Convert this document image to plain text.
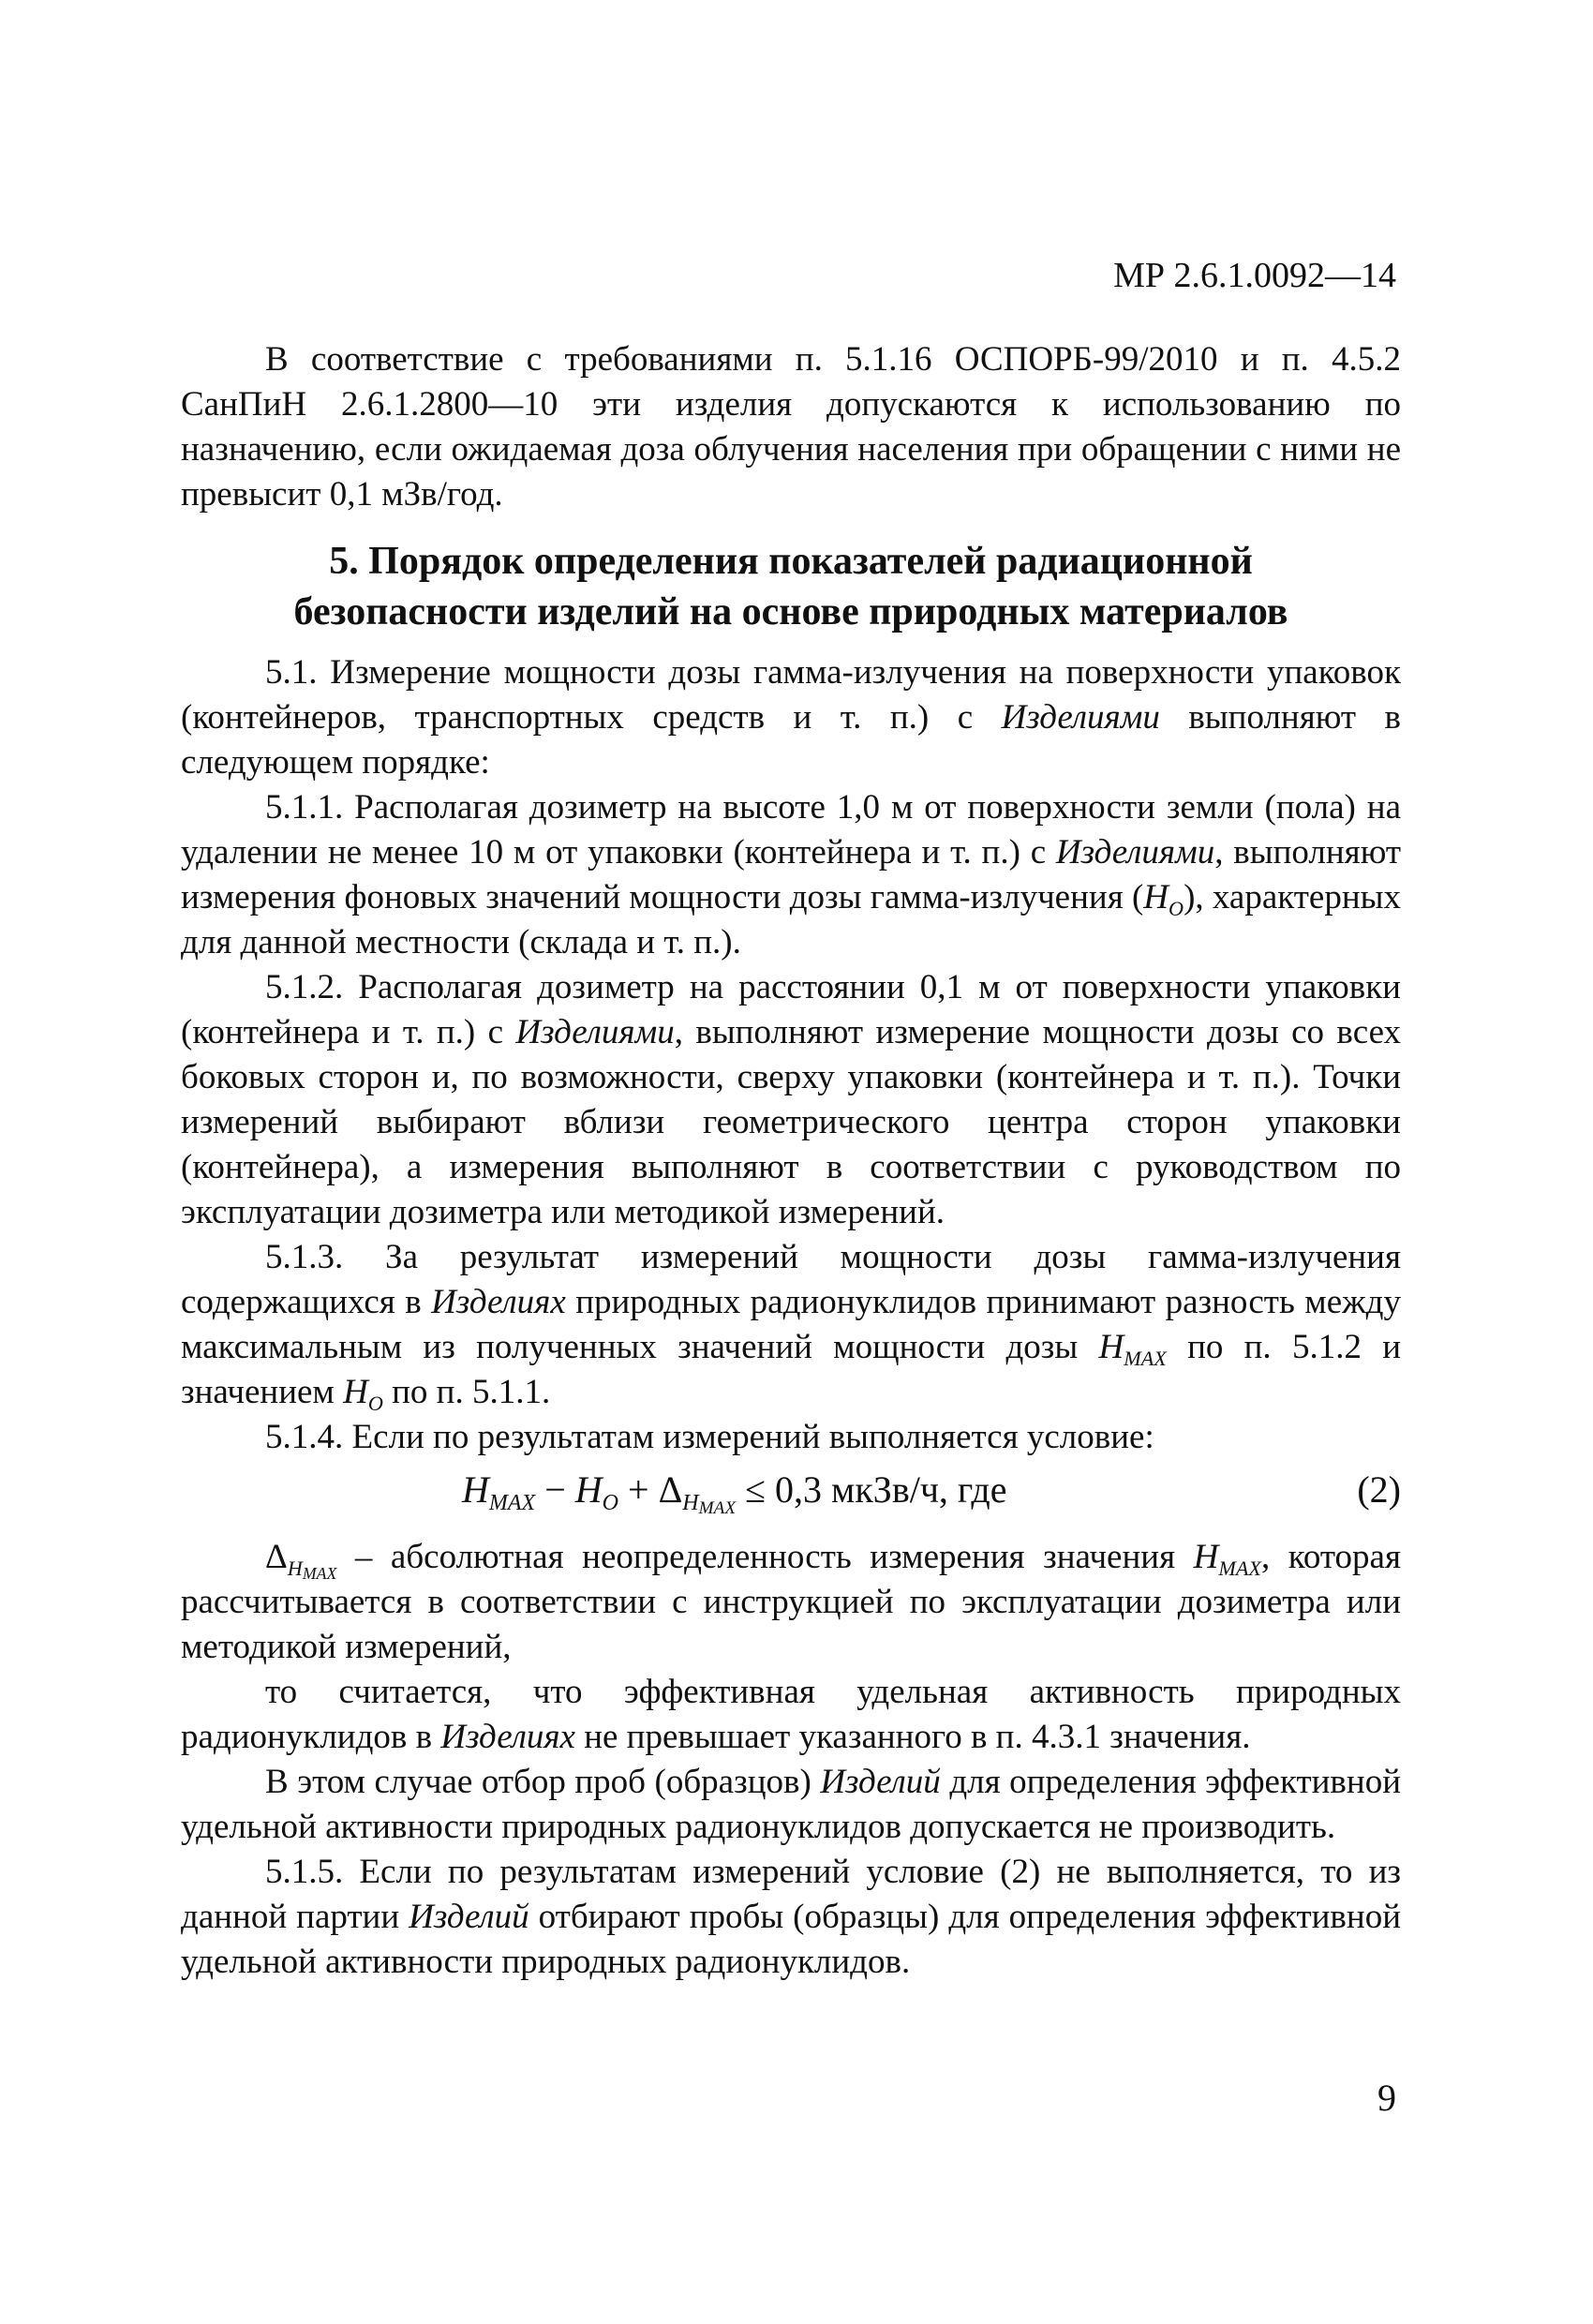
МР 2.6.1.0092—14

В соответствие с требованиями п. 5.1.16 ОСПОРБ-99/2010 и п. 4.5.2 СанПиН 2.6.1.2800—10 эти изделия допускаются к использованию по назначению, если ожидаемая доза облучения населения при обращении с ними не превысит 0,1 мЗв/год.

5. Порядок определения показателей радиационной
безопасности изделий на основе природных материалов

5.1. Измерение мощности дозы гамма-излучения на поверхности упаковок (контейнеров, транспортных средств и т. п.) с Изделиями выполняют в следующем порядке:

5.1.1. Располагая дозиметр на высоте 1,0 м от поверхности земли (пола) на удалении не менее 10 м от упаковки (контейнера и т. п.) с Изделиями, выполняют измерения фоновых значений мощности дозы гамма-излучения $(H_O)$, характерных для данной местности (склада и т. п.).

5.1.2. Располагая дозиметр на расстоянии 0,1 м от поверхности упаковки (контейнера и т. п.) с Изделиями, выполняют измерение мощности дозы со всех боковых сторон и, по возможности, сверху упаковки (контейнера и т. п.). Точки измерений выбирают вблизи геометрического центра сторон упаковки (контейнера), а измерения выполняют в соответствии с руководством по эксплуатации дозиметра или методикой измерений.

5.1.3. За результат измерений мощности дозы гамма-излучения содержащихся в Изделиях природных радионуклидов принимают разность между максимальным из полученных значений мощности дозы $H_{MAX}$ по п. 5.1.2 и значением $H_O$ по п. 5.1.1.

5.1.4. Если по результатам измерений выполняется условие:

$H_{MAX} - H_O + \Delta_{H_{MAX}} \le 0,3$ мкЗв/ч, где	(2)

$\Delta_{H_{MAX}}$ – абсолютная неопределенность измерения значения $H_{MAX}$, которая рассчитывается в соответствии с инструкцией по эксплуатации дозиметра или методикой измерений,

то считается, что эффективная удельная активность природных радионуклидов в Изделиях не превышает указанного в п. 4.3.1 значения.

В этом случае отбор проб (образцов) Изделий для определения эффективной удельной активности природных радионуклидов допускается не производить.

5.1.5. Если по результатам измерений условие (2) не выполняется, то из данной партии Изделий отбирают пробы (образцы) для определения эффективной удельной активности природных радионуклидов.

9
